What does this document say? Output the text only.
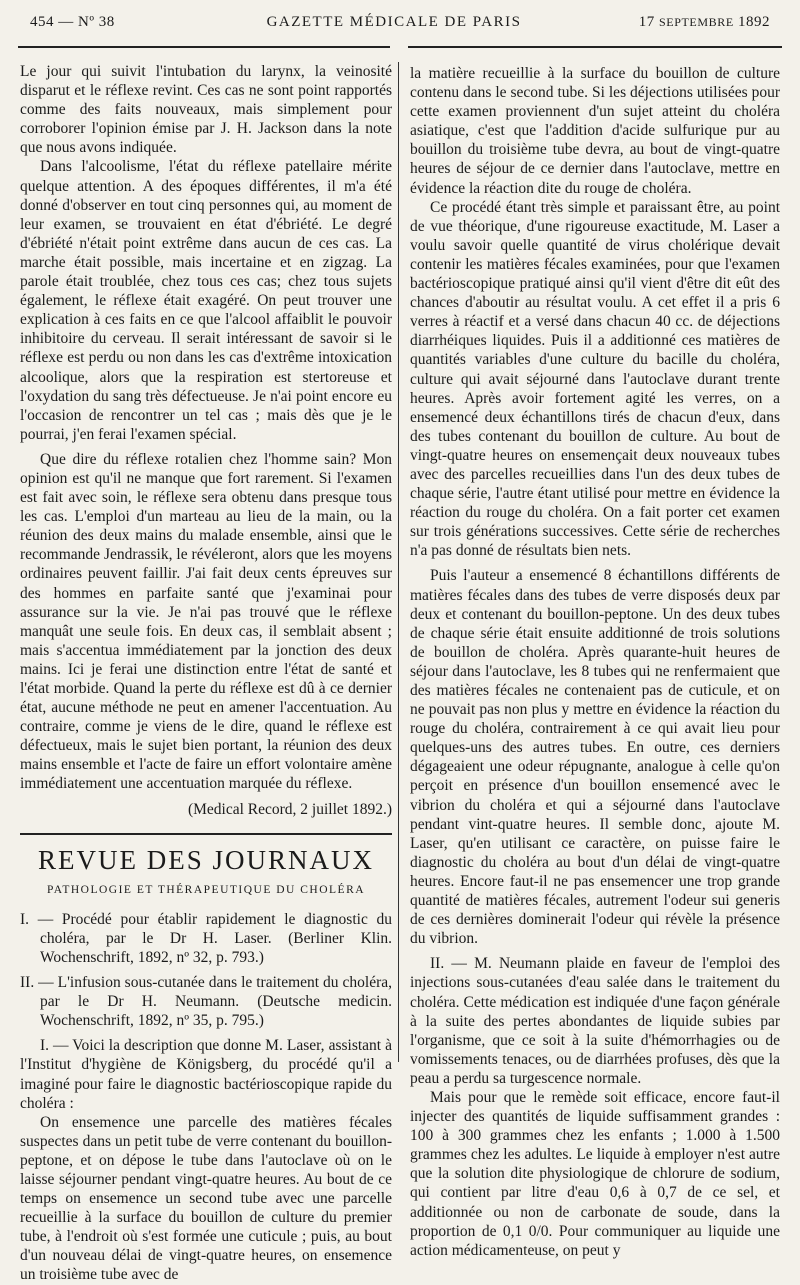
454 — Nº 38	GAZETTE MÉDICALE DE PARIS	17 SEPTEMBRE 1892

Le jour qui suivit l'intubation du larynx, la veinosité disparut et le réflexe revint. Ces cas ne sont point rapportés comme des faits nouveaux, mais simplement pour corroborer l'opinion émise par J. H. Jackson dans la note que nous avons indiquée.

Dans l'alcoolisme, l'état du réflexe patellaire mérite quelque attention. A des époques différentes, il m'a été donné d'observer en tout cinq personnes qui, au moment de leur examen, se trouvaient en état d'ébriété. Le degré d'ébriété n'était point extrême dans aucun de ces cas. La marche était possible, mais incertaine et en zigzag. La parole était troublée, chez tous ces cas; chez tous sujets également, le réflexe était exagéré. On peut trouver une explication à ces faits en ce que l'alcool affaiblit le pouvoir inhibitoire du cerveau. Il serait intéressant de savoir si le réflexe est perdu ou non dans les cas d'extrême intoxication alcoolique, alors que la respiration est stertoreuse et l'oxydation du sang très défectueuse. Je n'ai point encore eu l'occasion de rencontrer un tel cas ; mais dès que je le pourrai, j'en ferai l'examen spécial.

Que dire du réflexe rotalien chez l'homme sain? Mon opinion est qu'il ne manque que fort rarement. Si l'examen est fait avec soin, le réflexe sera obtenu dans presque tous les cas. L'emploi d'un marteau au lieu de la main, ou la réunion des deux mains du malade ensemble, ainsi que le recommande Jendrassik, le révéleront, alors que les moyens ordinaires peuvent faillir. J'ai fait deux cents épreuves sur des hommes en parfaite santé que j'examinai pour assurance sur la vie. Je n'ai pas trouvé que le réflexe manquât une seule fois. En deux cas, il semblait absent ; mais s'accentua immédiatement par la jonction des deux mains. Ici je ferai une distinction entre l'état de santé et l'état morbide. Quand la perte du réflexe est dû à ce dernier état, aucune méthode ne peut en amener l'accentuation. Au contraire, comme je viens de le dire, quand le réflexe est défectueux, mais le sujet bien portant, la réunion des deux mains ensemble et l'acte de faire un effort volontaire amène immédiatement une accentuation marquée du réflexe.

(Medical Record, 2 juillet 1892.)

REVUE DES JOURNAUX

PATHOLOGIE ET THÉRAPEUTIQUE DU CHOLÉRA

I. — Procédé pour établir rapidement le diagnostic du choléra, par le Dr H. Laser. (Berliner Klin. Wochenschrift, 1892, nº 32, p. 793.)

II. — L'infusion sous-cutanée dans le traitement du choléra, par le Dr H. Neumann. (Deutsche medicin. Wochenschrift, 1892, nº 35, p. 795.)

I. — Voici la description que donne M. Laser, assistant à l'Institut d'hygiène de Königsberg, du procédé qu'il a imaginé pour faire le diagnostic bactérioscopique rapide du choléra :

On ensemence une parcelle des matières fécales suspectes dans un petit tube de verre contenant du bouillon-peptone, et on dépose le tube dans l'autoclave où on le laisse séjourner pendant vingt-quatre heures. Au bout de ce temps on ensemence un second tube avec une parcelle recueillie à la surface du bouillon de culture du premier tube, à l'endroit où s'est formée une cuticule ; puis, au bout d'un nouveau délai de vingt-quatre heures, on ensemence un troisième tube avec de

la matière recueillie à la surface du bouillon de culture contenu dans le second tube. Si les déjections utilisées pour cette examen proviennent d'un sujet atteint du choléra asiatique, c'est que l'addition d'acide sulfurique pur au bouillon du troisième tube devra, au bout de vingt-quatre heures de séjour de ce dernier dans l'autoclave, mettre en évidence la réaction dite du rouge de choléra.

Ce procédé étant très simple et paraissant être, au point de vue théorique, d'une rigoureuse exactitude, M. Laser a voulu savoir quelle quantité de virus cholérique devait contenir les matières fécales examinées, pour que l'examen bactérioscopique pratiqué ainsi qu'il vient d'être dit eût des chances d'aboutir au résultat voulu. A cet effet il a pris 6 verres à réactif et a versé dans chacun 40 cc. de déjections diarrhéiques liquides. Puis il a additionné ces matières de quantités variables d'une culture du bacille du choléra, culture qui avait séjourné dans l'autoclave durant trente heures. Après avoir fortement agité les verres, on a ensemencé deux échantillons tirés de chacun d'eux, dans des tubes contenant du bouillon de culture. Au bout de vingt-quatre heures on ensemençait deux nouveaux tubes avec des parcelles recueillies dans l'un des deux tubes de chaque série, l'autre étant utilisé pour mettre en évidence la réaction du rouge du choléra. On a fait porter cet examen sur trois générations successives. Cette série de recherches n'a pas donné de résultats bien nets.

Puis l'auteur a ensemencé 8 échantillons différents de matières fécales dans des tubes de verre disposés deux par deux et contenant du bouillon-peptone. Un des deux tubes de chaque série était ensuite additionné de trois solutions de bouillon de choléra. Après quarante-huit heures de séjour dans l'autoclave, les 8 tubes qui ne renfermaient que des matières fécales ne contenaient pas de cuticule, et on ne pouvait pas non plus y mettre en évidence la réaction du rouge du choléra, contrairement à ce qui avait lieu pour quelques-uns des autres tubes. En outre, ces derniers dégageaient une odeur répugnante, analogue à celle qu'on perçoit en présence d'un bouillon ensemencé avec le vibrion du choléra et qui a séjourné dans l'autoclave pendant vint-quatre heures. Il semble donc, ajoute M. Laser, qu'en utilisant ce caractère, on puisse faire le diagnostic du choléra au bout d'un délai de vingt-quatre heures. Encore faut-il ne pas ensemencer une trop grande quantité de matières fécales, autrement l'odeur sui generis de ces dernières dominerait l'odeur qui révèle la présence du vibrion.

II. — M. Neumann plaide en faveur de l'emploi des injections sous-cutanées d'eau salée dans le traitement du choléra. Cette médication est indiquée d'une façon générale à la suite des pertes abondantes de liquide subies par l'organisme, que ce soit à la suite d'hémorrhagies ou de vomissements tenaces, ou de diarrhées profuses, dès que la peau a perdu sa turgescence normale.

Mais pour que le remède soit efficace, encore faut-il injecter des quantités de liquide suffisamment grandes : 100 à 300 grammes chez les enfants ; 1.000 à 1.500 grammes chez les adultes. Le liquide à employer n'est autre que la solution dite physiologique de chlorure de sodium, qui contient par litre d'eau 0,6 à 0,7 de ce sel, et additionnée ou non de carbonate de soude, dans la proportion de 0,1 0/0. Pour communiquer au liquide une action médicamenteuse, on peut y
